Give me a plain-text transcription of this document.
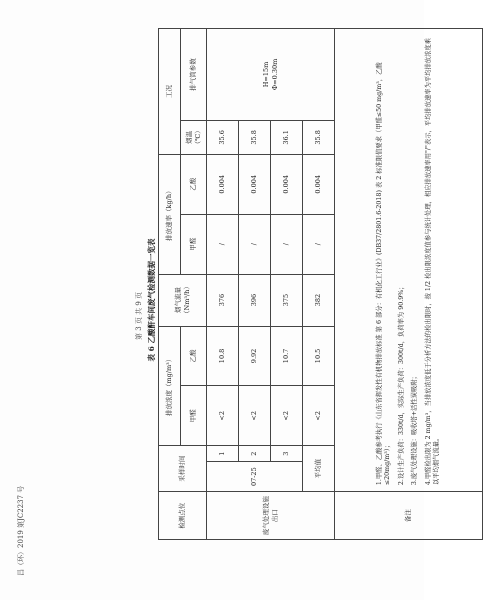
昌（环）2019 第JC2237 号
第 3 页 共 9 页 表 6 乙酸酐车间废气检测数据一览表
检测点位	采样时间		排放浓度（mg/m³）		烟气流量（Nm³/h）	排放速率（kg/h）		工况	
			甲醛	乙酸		甲醛	乙酸	烟温（℃）	排气筒参数
废气处理设施出口	07-25	1	<2	10.8	376	/	0.004	35.6	H=15m
Φ=0.30m
		2	<2	9.92	396	/	0.004	35.8	
		3	<2	10.7	375	/	0.004	36.1	
	平均值		<2	10.5	382	/	0.004	35.8	
备注	1.甲醛、乙酸参考执行《山东省挥发性有机物排放标准 第 6 部分：有机化工行业》(DB37/2801.6-2018) 表 2 标准限值要求（甲醛≤50 mg/m³，乙酸≤20mg/m³）； 2.设计生产负荷：330t/d，实际生产负荷：300t/d，负荷率为 90.9%； 3.废气处理设施：吸收塔+活性炭吸附； 4.甲醛检出限为 2 mg/m³，当排放浓度低于分析方法的检出限时，按 1/2 检出限浓度值参与统计处理，相应排放速率用"/"表示，平均排放速率为平均排放浓度乘以平均烟气流量。								
